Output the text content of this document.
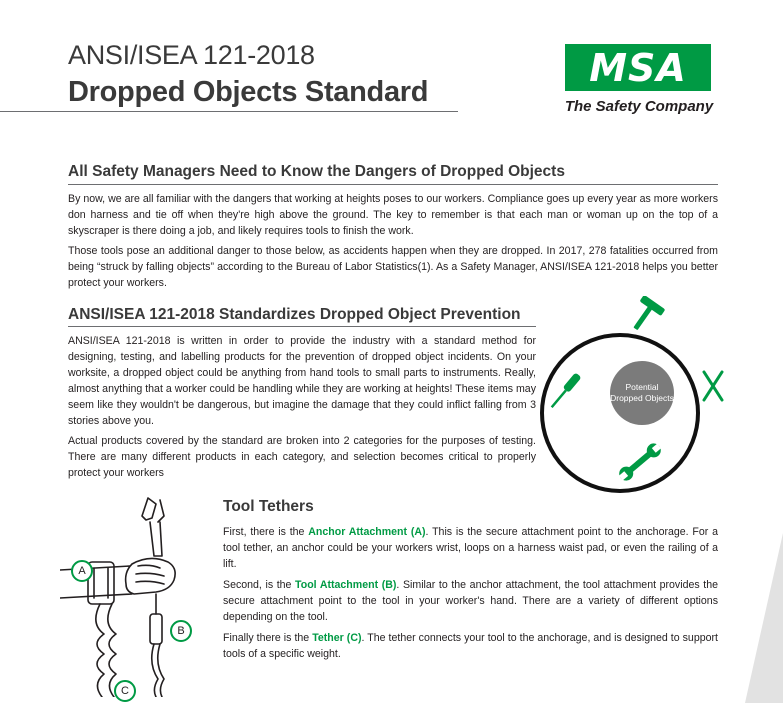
ANSI/ISEA 121-2018
Dropped Objects Standard
MSA
The Safety Company
All Safety Managers Need to Know the Dangers of Dropped Objects

By now, we are all familiar with the dangers that working at heights poses to our workers. Compliance goes up every year as more workers don harness and tie off when they're high above the ground. The key to remember is that each man or woman up on the top of a skyscraper is there doing a job, and likely requires tools to finish the work.

Those tools pose an additional danger to those below, as accidents happen when they are dropped. In 2017, 278 fatalities occurred from being “struck by falling objects” according to the Bureau of Labor Statistics(1). As a Safety Manager, ANSI/ISEA 121-2018 helps you better protect your workers.

ANSI/ISEA 121-2018 Standardizes Dropped Object Prevention

ANSI/ISEA 121-2018 is written in order to provide the industry with a standard method for designing, testing, and labelling products for the prevention of dropped object incidents. On your worksite, a dropped object could be anything from hand tools to small parts to instruments. Really, almost anything that a worker could be handling while they are working at heights! These items may seem like they wouldn't be dangerous, but imagine the damage that they could inflict falling from 3 stories above you.

Actual products covered by the standard are broken into 2 categories for the purposes of testing. There are many different products in each category, and selection becomes critical to properly protect your workers

Potential Dropped Objects
Tool Tethers

First, there is the Anchor Attachment (A). This is the secure attachment point to the anchorage. For a tool tether, an anchor could be your workers wrist, loops on a harness waist pad, or even the railing of a lift.

Second, is the Tool Attachment (B). Similar to the anchor attachment, the tool attachment provides the secure attachment point to the tool in your worker's hand. There are a variety of different options depending on the tool.

Finally there is the Tether (C). The tether connects your tool to the anchorage, and is designed to support tools of a specific weight.

A
B
C
